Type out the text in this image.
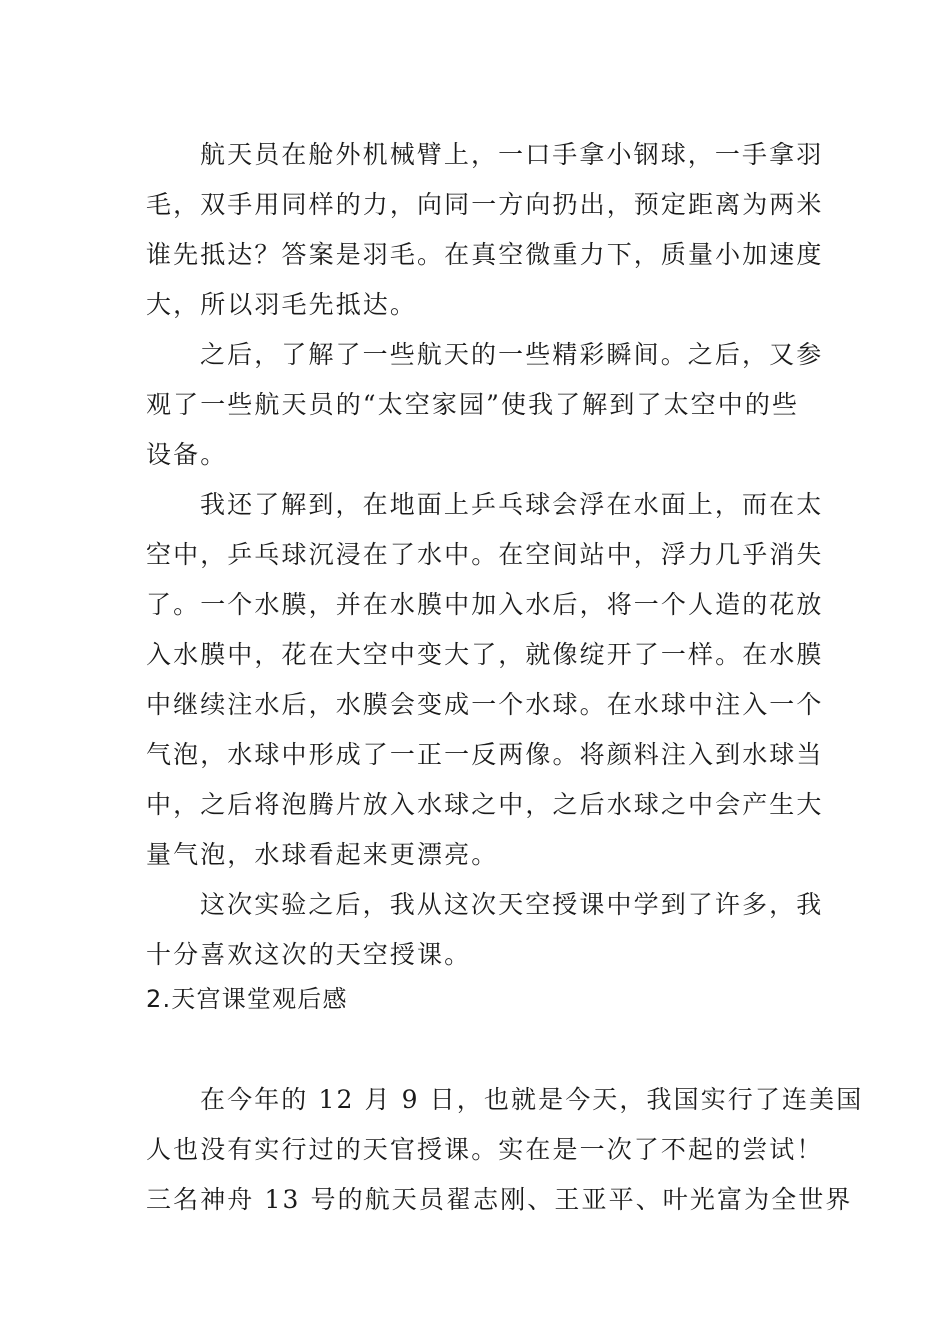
航天员在舱外机械臂上，一口手拿小钢球，一手拿羽
毛，双手用同样的力，向同一方向扔出，预定距离为两米
谁先抵达？答案是羽毛。在真空微重力下，质量小加速度
大，所以羽毛先抵达。
之后，了解了一些航天的一些精彩瞬间。之后，又参
观了一些航天员的“太空家园”使我了解到了太空中的些
设备。
我还了解到，在地面上乒乓球会浮在水面上，而在太
空中，乒乓球沉浸在了水中。在空间站中，浮力几乎消失
了。一个水膜，并在水膜中加入水后，将一个人造的花放
入水膜中，花在大空中变大了，就像绽开了一样。在水膜
中继续注水后，水膜会变成一个水球。在水球中注入一个
气泡，水球中形成了一正一反两像。将颜料注入到水球当
中，之后将泡腾片放入水球之中，之后水球之中会产生大
量气泡，水球看起来更漂亮。
这次实验之后，我从这次天空授课中学到了许多，我
十分喜欢这次的天空授课。
2.天宫课堂观后感
在今年的 12 月 9 日，也就是今天，我国实行了连美国
人也没有实行过的天官授课。实在是一次了不起的尝试！
三名神舟 13 号的航天员翟志刚、王亚平、叶光富为全世界
